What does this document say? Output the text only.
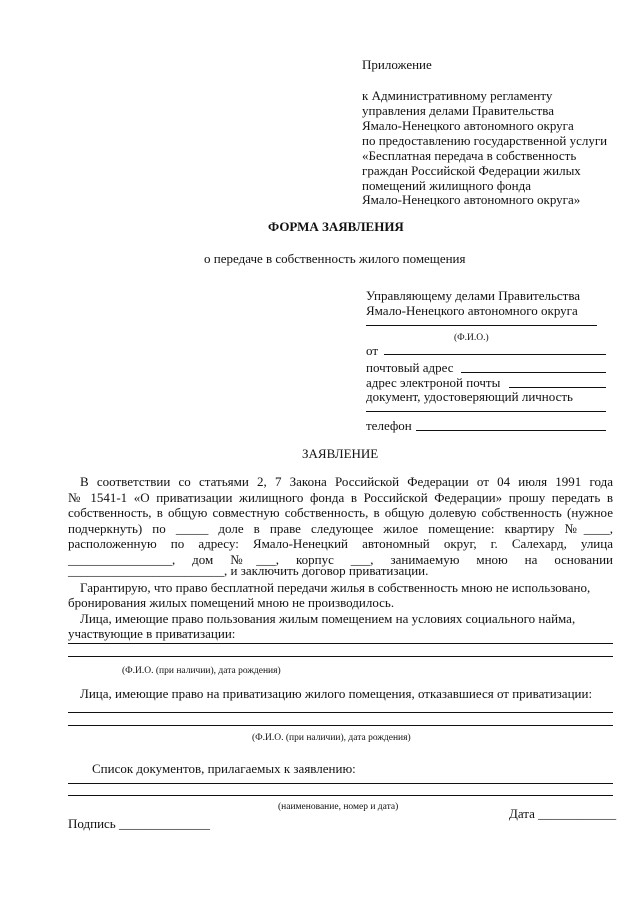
Приложение
к Административному регламенту
управления делами Правительства
Ямало-Ненецкого автономного округа
по предоставлению государственной услуги
«Бесплатная передача в собственность
граждан Российской Федерации жилых
помещений жилищного фонда
Ямало-Ненецкого автономного округа»
ФОРМА ЗАЯВЛЕНИЯ
о передаче в собственность жилого помещения
Управляющему делами Правительства
Ямало-Ненецкого автономного округа
(Ф.И.О.)
от
почтовый адрес
адрес электроной почты
документ, удостоверяющий личность
телефон
ЗАЯВЛЕНИЕ
В соответствии со статьями 2, 7 Закона Российской Федерации от 04 июля 1991 года
№ 1541-1 «О приватизации жилищного фонда в Российской Федерации» прошу передать в
собственность, в общую совместную собственность, в общую долевую собственность (нужное
подчеркнуть) по _____ доле в праве следующее жилое помещение: квартиру №____,
расположенную по адресу: Ямало-Ненецкий автономный округ, г. Салехард, улица
________________, дом №___, корпус ___, занимаемую мною на основании
________________________, и заключить договор приватизации.
Гарантирую, что право бесплатной передачи жилья в собственность мною не использовано,
бронирования жилых помещений мною не производилось.
Лица, имеющие право пользования жилым помещением на условиях социального найма,
участвующие в приватизации:
(Ф.И.О. (при наличии), дата рождения)
Лица, имеющие право на приватизацию жилого помещения, отказавшиеся от приватизации:
(Ф.И.О. (при наличии), дата рождения)
Список документов, прилагаемых к заявлению:
(наименование, номер и дата)
Подпись ______________
Дата ____________
